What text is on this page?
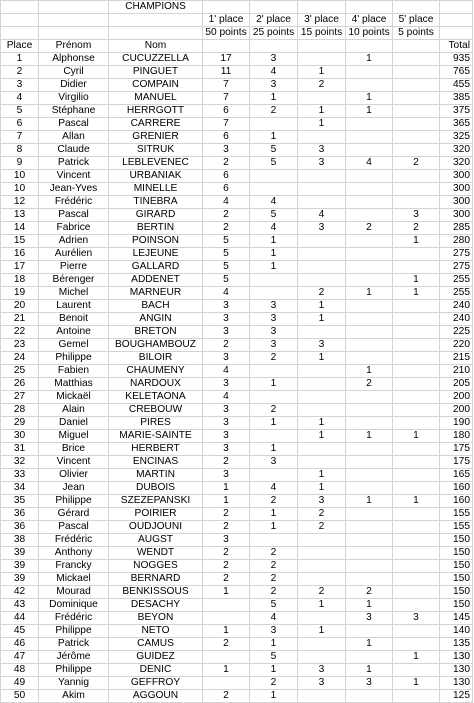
		CHAMPIONS						
			1' place	2' place	3' place	4' place	5' place	
			50 points	25 points	15 points	10 points	5 points	
Place	Prénom	Nom						Total
1	Alphonse	CUCUZZELLA	17	3		1		935
2	Cyril	PINGUET	11	4	1			765
3	Didier	COMPAIN	7	3	2			455
4	Virgilio	MANUEL	7	1		1		385
5	Stéphane	HERRGOTT	6	2	1	1		375
6	Pascal	CARRERE	7		1			365
7	Allan	GRENIER	6	1				325
8	Claude	SITRUK	3	5	3			320
9	Patrick	LEBLEVENEC	2	5	3	4	2	320
10	Vincent	URBANIAK	6					300
10	Jean-Yves	MINELLE	6					300
12	Frédéric	TINEBRA	4	4				300
13	Pascal	GIRARD	2	5	4		3	300
14	Fabrice	BERTIN	2	4	3	2	2	285
15	Adrien	POINSON	5	1			1	280
16	Aurélien	LEJEUNE	5	1				275
17	Pierre	GALLARD	5	1				275
18	Bérenger	ADDENET	5				1	255
19	Michel	MARNEUR	4		2	1	1	255
20	Laurent	BACH	3	3	1			240
21	Benoit	ANGIN	3	3	1			240
22	Antoine	BRETON	3	3				225
23	Gemel	BOUGHAMBOUZ	2	3	3			220
24	Philippe	BILOIR	3	2	1			215
25	Fabien	CHAUMENY	4			1		210
26	Matthias	NARDOUX	3	1		2		205
27	Mickaël	KELETAONA	4					200
28	Alain	CREBOUW	3	2				200
29	Daniel	PIRES	3	1	1			190
30	Miguel	MARIE-SAINTE	3		1	1	1	180
31	Brice	HERBERT	3	1				175
32	Vincent	ENCINAS	2	3				175
33	Olivier	MARTIN	3		1			165
34	Jean	DUBOIS	1	4	1			160
35	Philippe	SZEZEPANSKI	1	2	3	1	1	160
36	Gérard	POIRIER	2	1	2			155
36	Pascal	OUDJOUNI	2	1	2			155
38	Frédéric	AUGST	3					150
39	Anthony	WENDT	2	2				150
39	Francky	NOGGES	2	2				150
39	Mickael	BERNARD	2	2				150
42	Mourad	BENKISSOUS	1	2	2	2		150
43	Dominique	DESACHY		5	1	1		150
44	Frédéric	BEYON		4		3	3	145
45	Philippe	NETO	1	3	1			140
46	Patrick	CAMUS	2	1		1		135
47	Jérôme	GUIDEZ		5			1	130
48	Philippe	DENIC	1	1	3	1		130
49	Yannig	GEFFROY		2	3	3	1	130
50	Akim	AGGOUN	2	1				125
